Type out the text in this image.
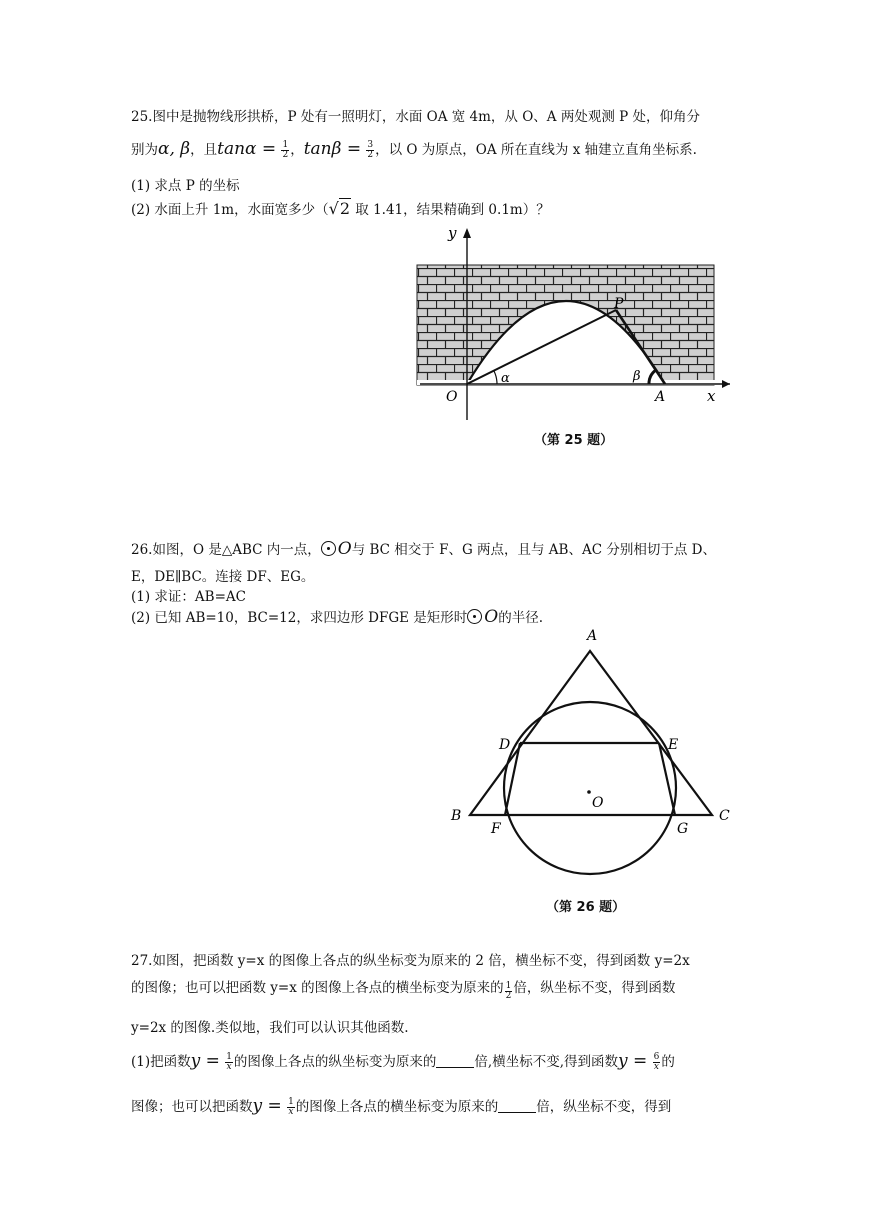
25.图中是抛物线形拱桥，P 处有一照明灯，水面 OA 宽 4m，从 O、A 两处观测 P 处，仰角分
别为α, β，且$\tan\alpha = \frac{1}{2}$ ，$\tan\beta = \frac{3}{2}$ ，以 O 为原点，OA 所在直线为 x 轴建立直角坐标系.
(1) 求点 P 的坐标
(2) 水面上升 1m，水面宽多少（√2 取 1.41，结果精确到 0.1m）？
y
x
O	A
P
α	β
（第 25 题）
26.如图，O 是△ABC 内一点， O与 BC 相交于 F、G 两点，且与 AB、AC 分别相切于点 D、
E，DE∥BC。连接 DF、EG。
(1) 求证：AB=AC
(2) 已知 AB=10，BC=12，求四边形 DFGE 是矩形时 O的半径.
A
B	C
D	E
F	G
O
（第 26 题）
27.如图，把函数 y=x 的图像上各点的纵坐标变为原来的 2 倍，横坐标不变，得到函数 y=2x
的图像；也可以把函数 y=x 的图像上各点的横坐标变为原来的 $\frac{1}{2}$ 倍，纵坐标不变，得到函数
y=2x 的图像.类似地，我们可以认识其他函数.
(1)把函数$y = \frac{1}{x}$ 的图像上各点的纵坐标变为原来的	倍,横坐标不变,得到函数$y = \frac{6}{x}$ 的
图像；也可以把函数$y = \frac{1}{x}$ 的图像上各点的横坐标变为原来的	倍，纵坐标不变，得到
